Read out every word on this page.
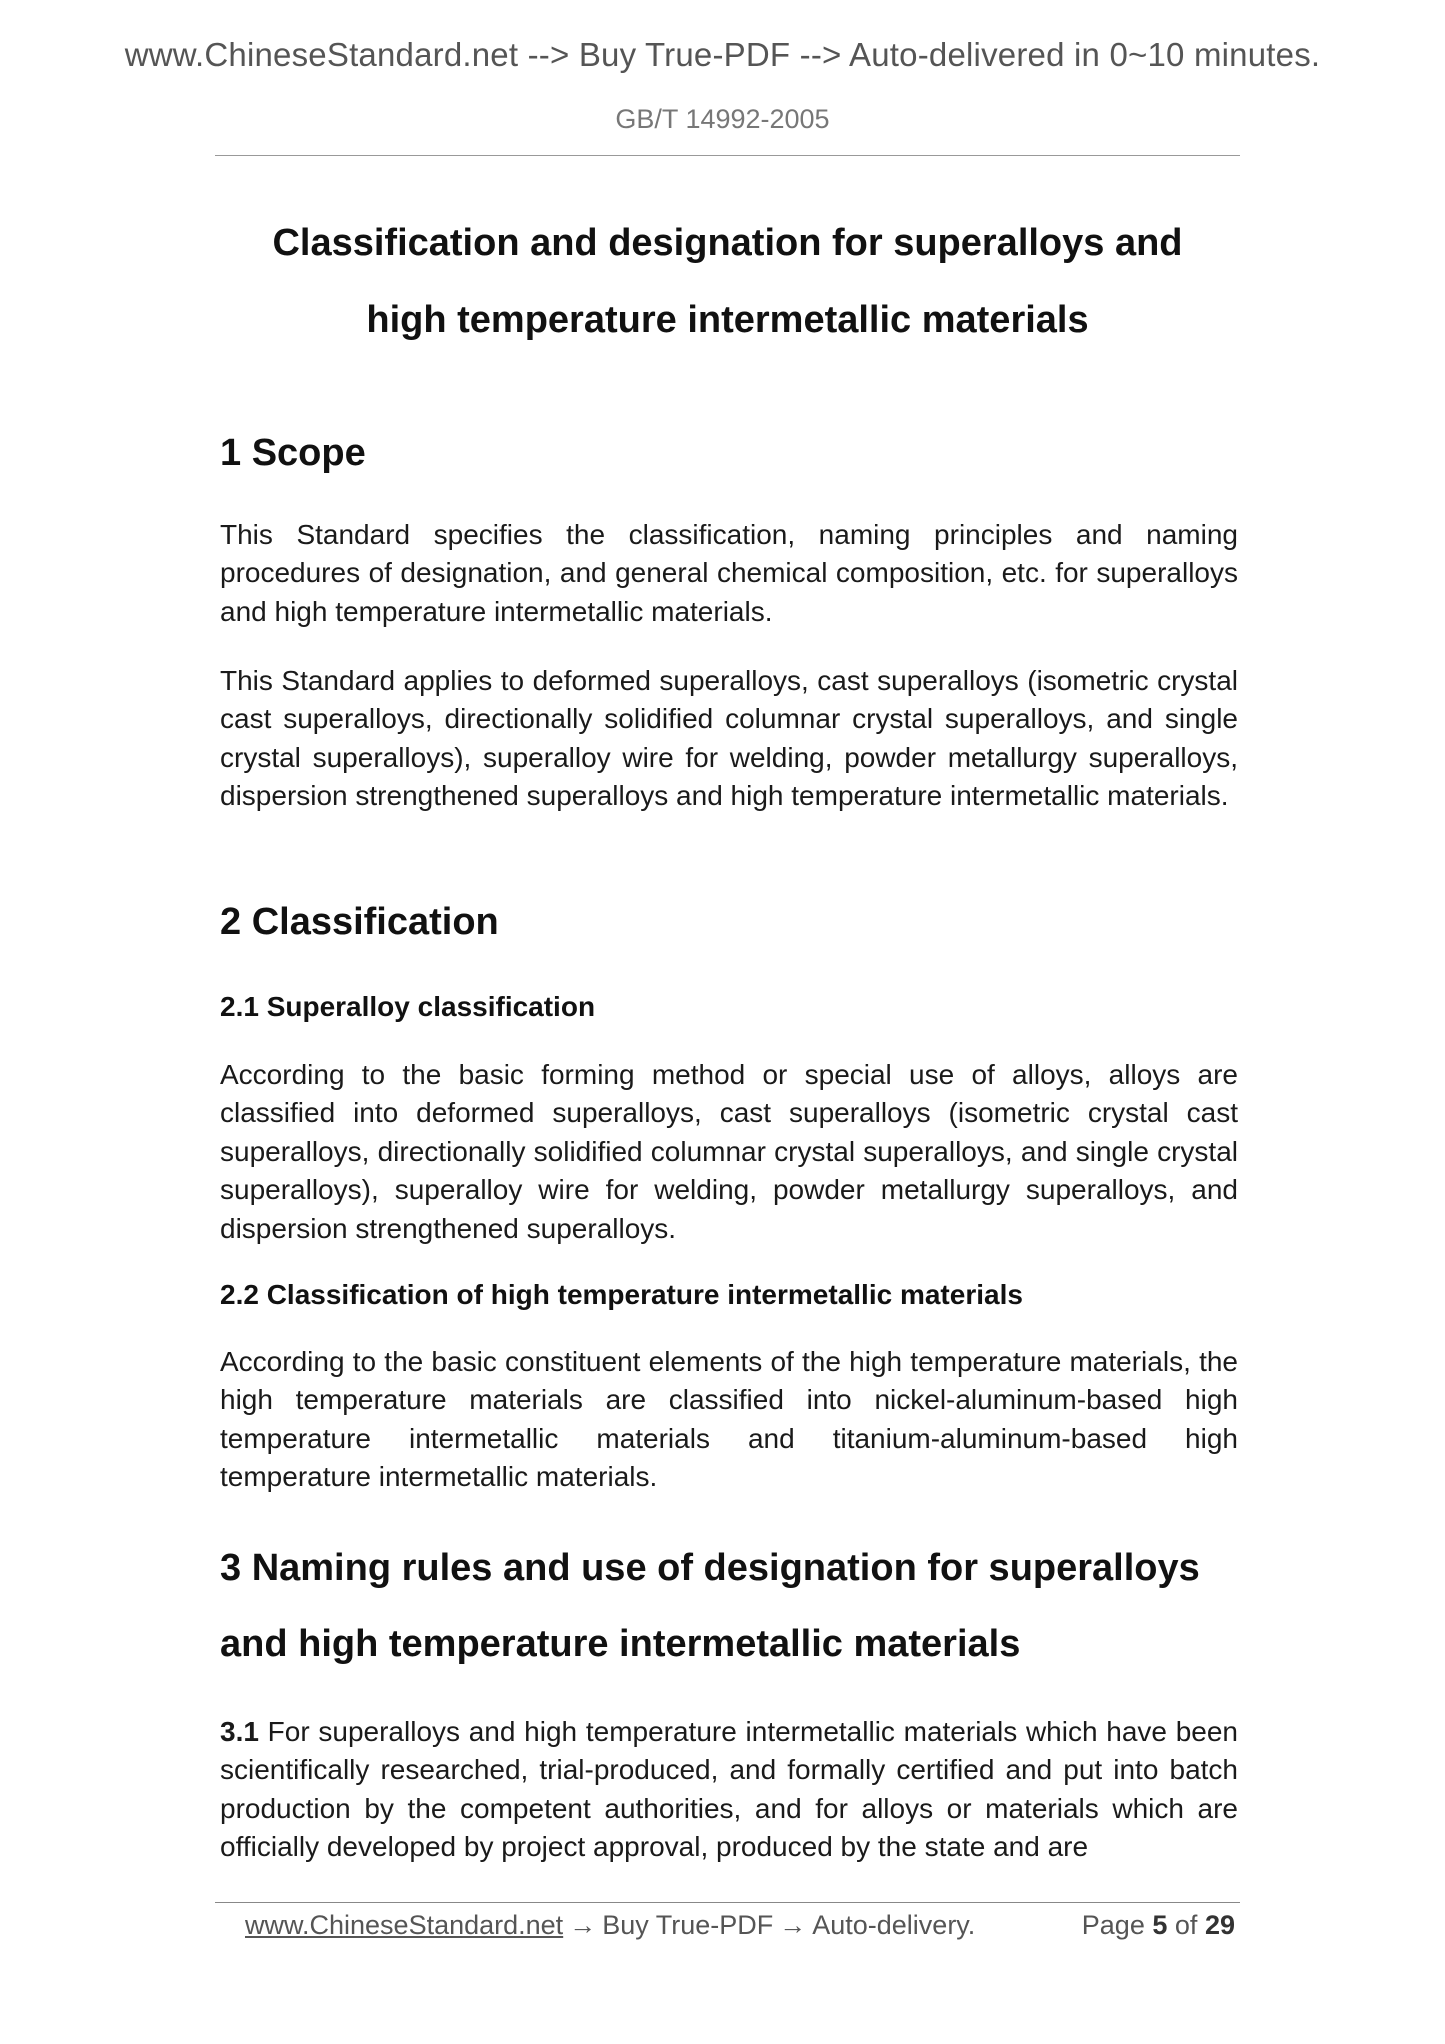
www.ChineseStandard.net --> Buy True-PDF --> Auto-delivered in 0~10 minutes.
GB/T 14992-2005
Classification and designation for superalloys and
high temperature intermetallic materials
1 Scope

This Standard specifies the classification, naming principles and naming procedures of designation, and general chemical composition, etc. for superalloys and high temperature intermetallic materials.

This Standard applies to deformed superalloys, cast superalloys (isometric crystal cast superalloys, directionally solidified columnar crystal superalloys, and single crystal superalloys), superalloy wire for welding, powder metallurgy superalloys, dispersion strengthened superalloys and high temperature intermetallic materials.

2 Classification
2.1 Superalloy classification

According to the basic forming method or special use of alloys, alloys are classified into deformed superalloys, cast superalloys (isometric crystal cast superalloys, directionally solidified columnar crystal superalloys, and single crystal superalloys), superalloy wire for welding, powder metallurgy superalloys, and dispersion strengthened superalloys.

2.2 Classification of high temperature intermetallic materials

According to the basic constituent elements of the high temperature materials, the high temperature materials are classified into nickel-aluminum-based high temperature intermetallic materials and titanium-aluminum-based high temperature intermetallic materials.

3 Naming rules and use of designation for superalloys
and high temperature intermetallic materials

3.1 For superalloys and high temperature intermetallic materials which have been scientifically researched, trial-produced, and formally certified and put into batch production by the competent authorities, and for alloys or materials which are officially developed by project approval, produced by the state and are

www.ChineseStandard.net → Buy True-PDF → Auto-delivery.	Page 5 of 29
